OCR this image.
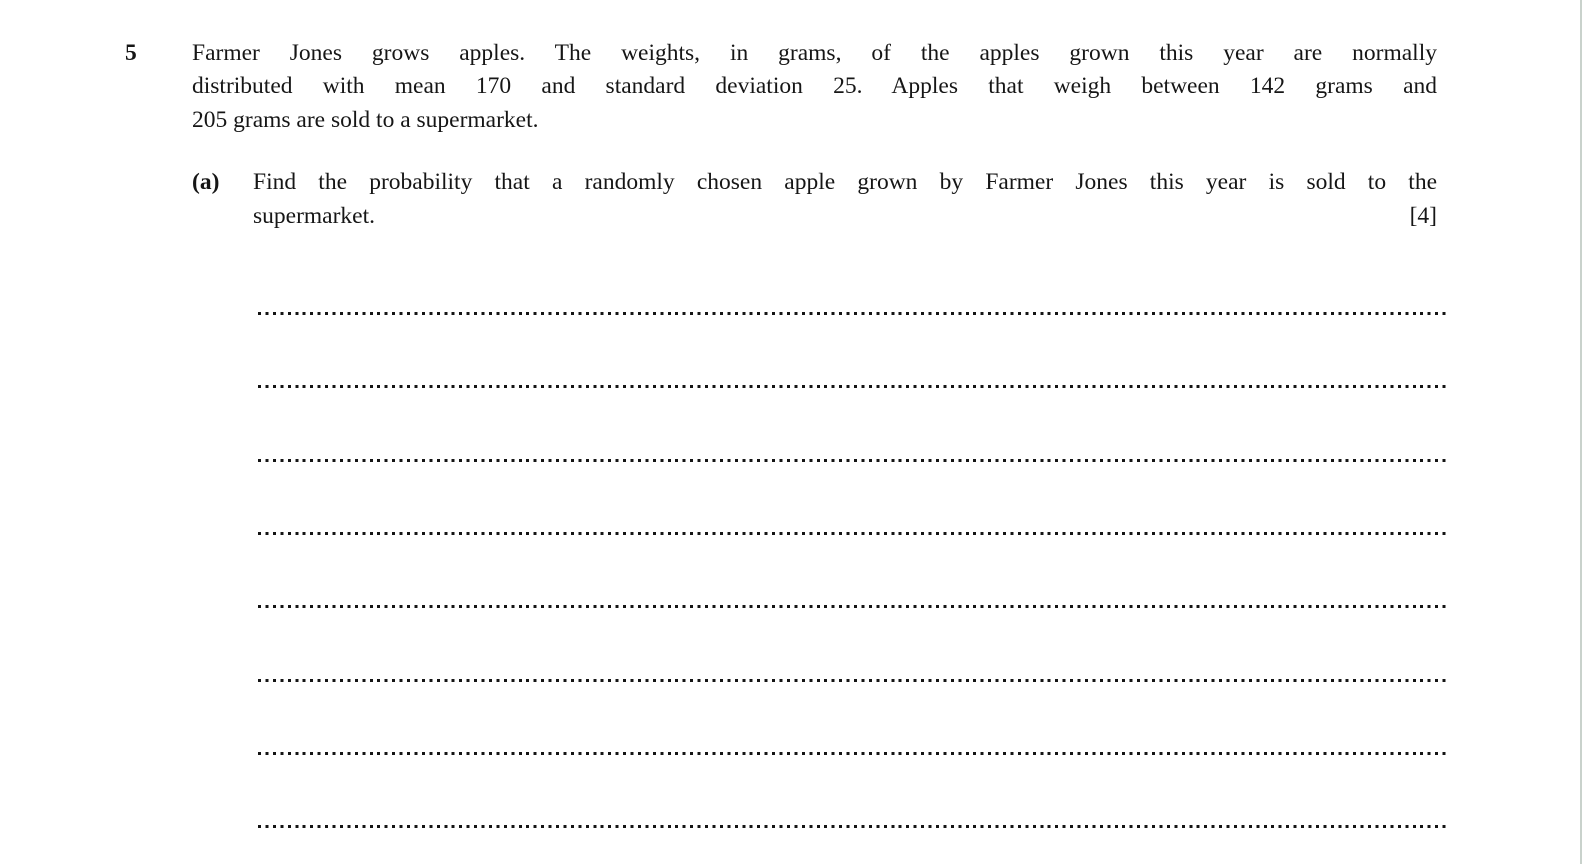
5 Farmer Jones grows apples. The weights, in grams, of the apples grown this year are normally
distributed with mean 170 and standard deviation 25. Apples that weigh between 142 grams and
205 grams are sold to a supermarket.
(a) Find the probability that a randomly chosen apple grown by Farmer Jones this year is sold to the
supermarket.	[4]
